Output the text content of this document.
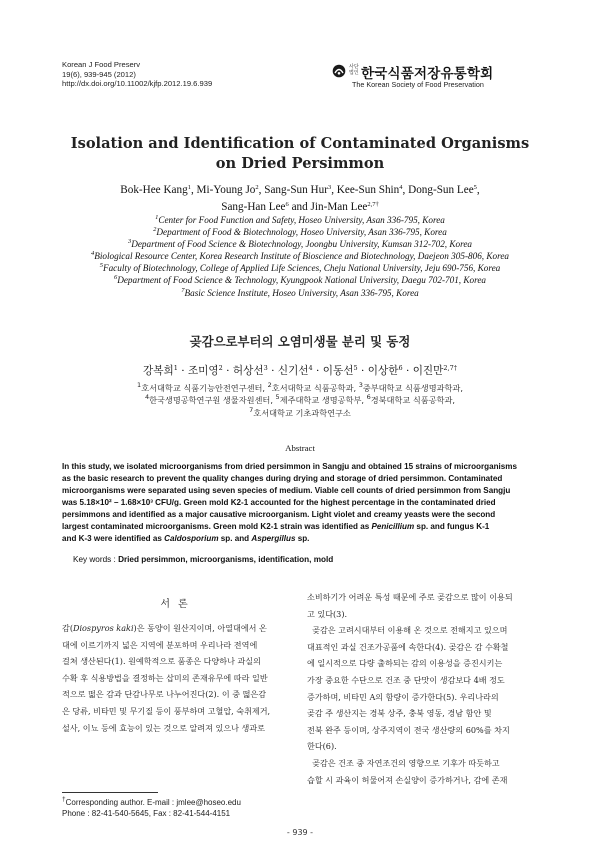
Korean J Food Preserv
19(6), 939-945 (2012)
http://dx.doi.org/10.11002/kjfp.2012.19.6.939
사단법인 한국식품저장유통학회
The Korean Society of Food Preservation
Isolation and Identification of Contaminated Organisms on Dried Persimmon
Bok-Hee Kang$^1$, Mi-Young Jo$^2$, Sang-Sun Hur$^3$, Kee-Sun Shin$^4$, Dong-Sun Lee$^5$,
Sang-Han Lee$^6$ and Jin-Man Lee$^{2,7\dagger}$
$^1$Center for Food Function and Safety, Hoseo University, Asan 336-795, Korea
$^2$Department of Food & Biotechnology, Hoseo University, Asan 336-795, Korea
$^3$Department of Food Science & Biotechnology, Joongbu University, Kumsan 312-702, Korea
$^4$Biological Resource Center, Korea Research Institute of Bioscience and Biotechnology, Daejeon 305-806, Korea
$^5$Faculty of Biotechnology, College of Applied Life Sciences, Cheju National University, Jeju 690-756, Korea
$^6$Department of Food Science & Technology, Kyungpook National University, Daegu 702-701, Korea
$^7$Basic Science Institute, Hoseo University, Asan 336-795, Korea
곶감으로부터의 오염미생물 분리 및 동정
강복희$^1$ · 조미영$^2$ · 허상선$^3$ · 신기선$^4$ · 이동선$^5$ · 이상한$^6$ · 이진만$^{2,7\dagger}$
$^1$호서대학교 식품기능안전연구센터, $^2$호서대학교 식품공학과, $^3$중부대학교 식품생명과학과,
$^4$한국생명공학연구원 생물자원센터, $^5$제주대학교 생명공학부, $^6$경북대학교 식품공학과,
$^7$호서대학교 기초과학연구소
Abstract
In this study, we isolated microorganisms from dried persimmon in Sangju and obtained 15 strains of microorganisms
as the basic research to prevent the quality changes during drying and storage of dried persimmon. Contaminated
microorganisms were separated using seven species of medium. Viable cell counts of dried persimmon from Sangju
was 5.18×10² – 1.68×10³ CFU/g. Green mold K2-1 accounted for the highest percentage in the contaminated dried
persimmons and identified as a major causative microorganism. Light violet and creamy yeasts were the second
largest contaminated microorganisms. Green mold K2-1 strain was identified as Penicillium sp. and fungus K-1
and K-3 were identified as Caldosporium sp. and Aspergillus sp.
Key words : Dried persimmon, microorganisms, identification, mold
서론
감(Diospyros kaki)은 동양이 원산지이며, 아열대에서 온
대에 이르기까지 넓은 지역에 분포하며 우리나라 전역에
걸쳐 생산된다(1). 원예학적으로 품종은 다양하나 과실의
수확 후 식용방법을 결정하는 삽미의 존재유무에 따라 일반
적으로 떫은 감과 단감나무로 나누어진다(2). 이 중 떫은감
은 당류, 비타민 및 무기질 등이 풍부하며 고혈압, 숙취제거,
설사, 이뇨 등에 효능이 있는 것으로 알려져 있으나 생과로
소비하기가 어려운 특성 때문에 주로 곶감으로 많이 이용되
고 있다(3).
곶감은 고려시대부터 이용해 온 것으로 전해지고 있으며
대표적인 과실 건조가공품에 속한다(4). 곶감은 감 수확철
에 일시적으로 다량 출하되는 감의 이용성을 증진시키는
가장 중요한 수단으로 건조 중 단맛이 생감보다 4배 정도
증가하며, 비타민 A의 함량이 증가한다(5). 우리나라의
곶감 주 생산지는 경북 상주, 충북 영동, 경남 함안 및
전북 완주 등이며, 상주지역이 전국 생산량의 60%를 차지
한다(6).
곶감은 건조 중 자연조건의 영향으로 기후가 따듯하고
습할 시 과육이 허물어져 손실양이 증가하거나, 감에 존재
†Corresponding author. E-mail : jmlee@hoseo.edu
Phone : 82-41-540-5645, Fax : 82-41-544-4151
- 939 -
